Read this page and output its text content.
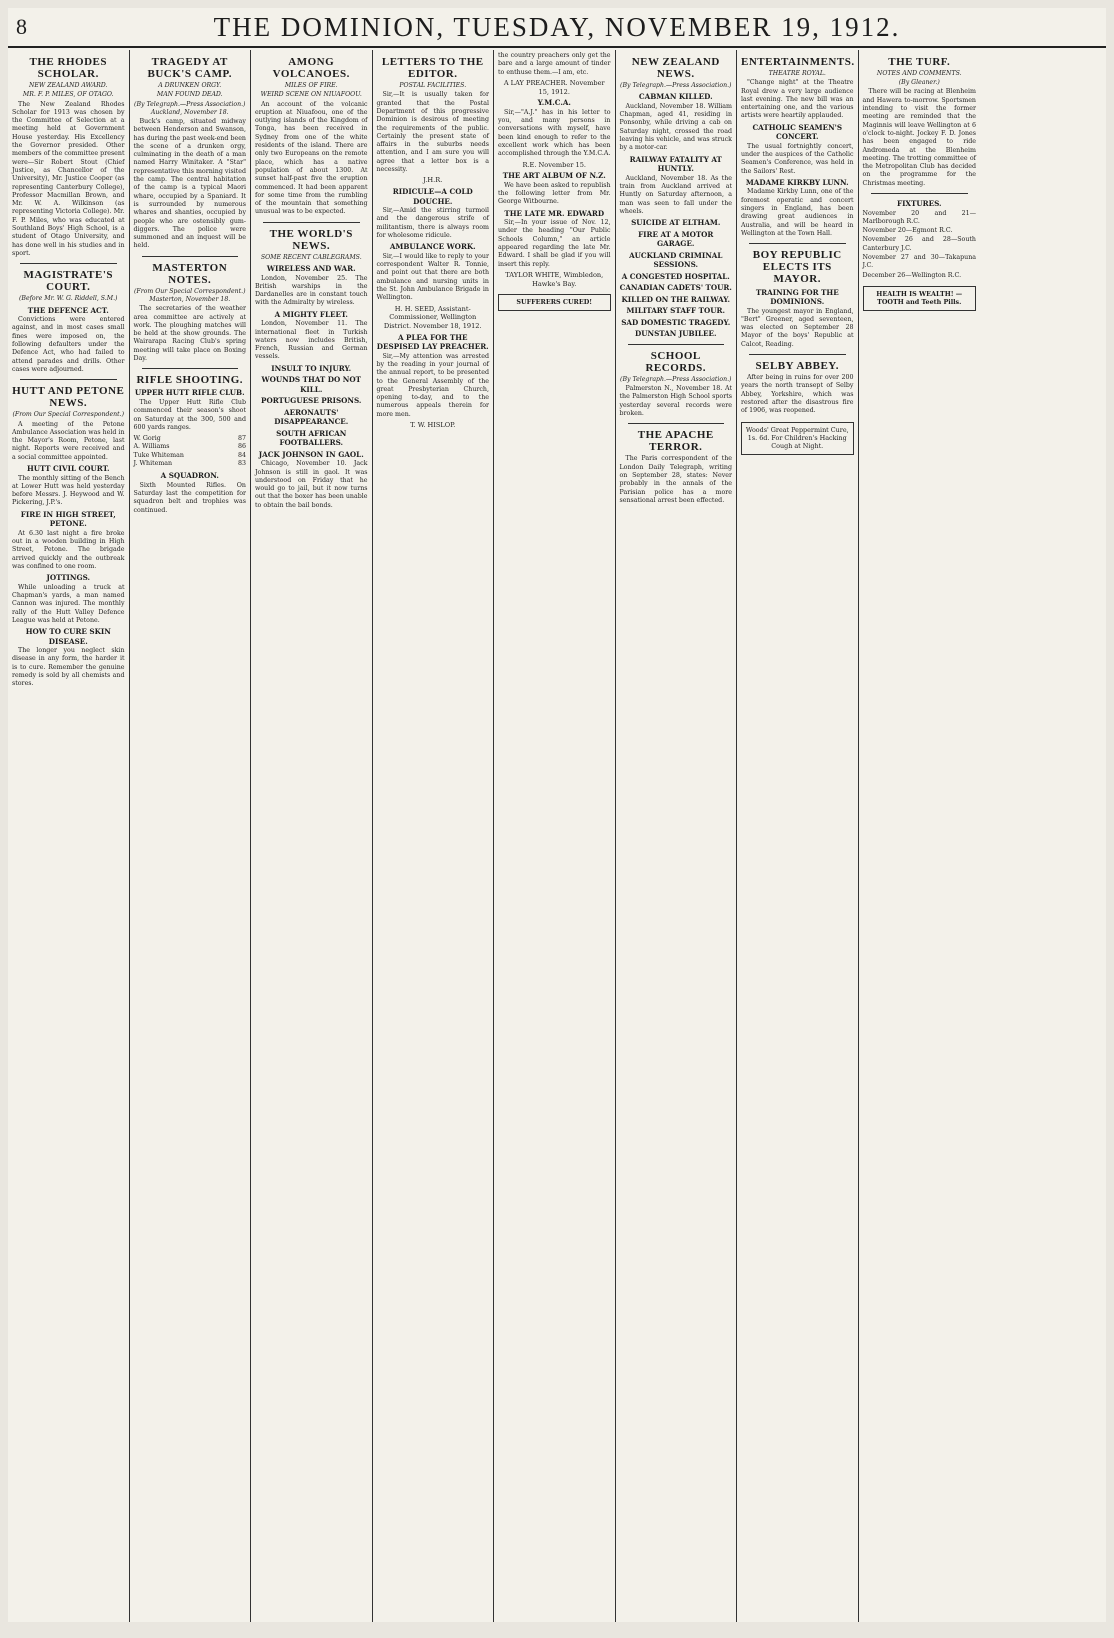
8	THE DOMINION, TUESDAY, NOVEMBER 19, 1912.
THE RHODES SCHOLAR.
NEW ZEALAND AWARD.
MR. F. P. MILES, OF OTAGO.

The New Zealand Rhodes Scholar for 1913 was chosen by the Committee of Selection at a meeting held at Government House yesterday. His Excellency the Governor presided. Other members of the committee present were—Sir Robert Stout (Chief Justice, as Chancellor of the University), Mr. Justice Cooper (as representing Canterbury College), Professor Macmillan Brown, and Mr. W. A. Wilkinson (as representing Victoria College). Mr. F. P. Miles, who was educated at Southland Boys' High School, is a student of Otago University, and has done well in his studies and in sport.

MAGISTRATE'S COURT.
(Before Mr. W. G. Riddell, S.M.)
THE DEFENCE ACT.

Convictions were entered against, and in most cases small fines were imposed on, the following defaulters under the Defence Act, who had failed to attend parades and drills. Other cases were adjourned.

HUTT AND PETONE NEWS.
(From Our Special Correspondent.)

A meeting of the Petone Ambulance Association was held in the Mayor's Room, Petone, last night. Reports were received and a social committee appointed.

HUTT CIVIL COURT.

The monthly sitting of the Bench at Lower Hutt was held yesterday before Messrs. J. Heywood and W. Pickering, J.P.'s.

FIRE IN HIGH STREET, PETONE.

At 6.30 last night a fire broke out in a wooden building in High Street, Petone. The brigade arrived quickly and the outbreak was confined to one room.

JOTTINGS.

While unloading a truck at Chapman's yards, a man named Cannon was injured. The monthly rally of the Hutt Valley Defence League was held at Petone.

HOW TO CURE SKIN DISEASE.

The longer you neglect skin disease in any form, the harder it is to cure. Remember the genuine remedy is sold by all chemists and stores.

TRAGEDY AT BUCK'S CAMP.
A DRUNKEN ORGY.
MAN FOUND DEAD.
(By Telegraph.—Press Association.) Auckland, November 18.

Buck's camp, situated midway between Henderson and Swanson, has during the past week-end been the scene of a drunken orgy, culminating in the death of a man named Harry Winitaker. A "Star" representative this morning visited the camp. The central habitation of the camp is a typical Maori whare, occupied by a Spaniard. It is surrounded by numerous whares and shanties, occupied by people who are ostensibly gum-diggers. The police were summoned and an inquest will be held.

MASTERTON NOTES.
(From Our Special Correspondent.) Masterton, November 18.

The secretaries of the weather area committee are actively at work. The ploughing matches will be held at the show grounds. The Wairarapa Racing Club's spring meeting will take place on Boxing Day.

RIFLE SHOOTING.
UPPER HUTT RIFLE CLUB.

The Upper Hutt Rifle Club commenced their season's shoot on Saturday at the 300, 500 and 600 yards ranges.

W. Gorig	87
A. Williams	86
Tuke Whiteman	84
J. Whiteman	83
A SQUADRON.

Sixth Mounted Rifles. On Saturday last the competition for squadron belt and trophies was continued.

AMONG VOLCANOES.
MILES OF FIRE.
WEIRD SCENE ON NIUAFOOU.

An account of the volcanic eruption at Niuafoou, one of the outlying islands of the Kingdom of Tonga, has been received in Sydney from one of the white residents of the island. There are only two Europeans on the remote place, which has a native population of about 1300. At sunset half-past five the eruption commenced. It had been apparent for some time from the rumbling of the mountain that something unusual was to be expected.

THE WORLD'S NEWS.
SOME RECENT CABLEGRAMS.
WIRELESS AND WAR.

London, November 25. The British warships in the Dardanelles are in constant touch with the Admiralty by wireless.

A MIGHTY FLEET.

London, November 11. The international fleet in Turkish waters now includes British, French, Russian and German vessels.

INSULT TO INJURY.
WOUNDS THAT DO NOT KILL.
PORTUGUESE PRISONS.
AERONAUTS' DISAPPEARANCE.
SOUTH AFRICAN FOOTBALLERS.
JACK JOHNSON IN GAOL.

Chicago, November 10. Jack Johnson is still in gaol. It was understood on Friday that he would go to jail, but it now turns out that the boxer has been unable to obtain the bail bonds.

LETTERS TO THE EDITOR.
POSTAL FACILITIES.

Sir,—It is usually taken for granted that the Postal Department of this progressive Dominion is desirous of meeting the requirements of the public. Certainly the present state of affairs in the suburbs needs attention, and I am sure you will agree that a letter box is a necessity.

J.H.R.
RIDICULE—A COLD DOUCHE.

Sir,—Amid the stirring turmoil and the dangerous strife of militantism, there is always room for wholesome ridicule.

AMBULANCE WORK.

Sir,—I would like to reply to your correspondent Walter R. Tonnie, and point out that there are both ambulance and nursing units in the St. John Ambulance Brigade in Wellington.

H. H. SEED, Assistant-Commissioner, Wellington District. November 18, 1912.
A PLEA FOR THE DESPISED LAY PREACHER.

Sir,—My attention was arrested by the reading in your journal of the annual report, to be presented to the General Assembly of the great Presbyterian Church, opening to-day, and to the numerous appeals therein for more men.

T. W. HISLOP.

the country preachers only get the bare and a large amount of tinder to enthuse them.—I am, etc.

A LAY PREACHER. November 15, 1912.
Y.M.C.A.

Sir,—"A.J." has in his letter to you, and many persons in conversations with myself, have been kind enough to refer to the excellent work which has been accomplished through the Y.M.C.A.

R.E. November 15.
THE ART ALBUM OF N.Z.

We have been asked to republish the following letter from Mr. George Witbourne.

THE LATE MR. EDWARD

Sir,—In your issue of Nov. 12, under the heading "Our Public Schools Column," an article appeared regarding the late Mr. Edward. I shall be glad if you will insert this reply.

TAYLOR WHITE, Wimbledon, Hawke's Bay.
SUFFERERS CURED!
NEW ZEALAND NEWS.
(By Telegraph.—Press Association.)
CABMAN KILLED.

Auckland, November 18. William Chapman, aged 41, residing in Ponsonby, while driving a cab on Saturday night, crossed the road leaving his vehicle, and was struck by a motor-car.

RAILWAY FATALITY AT HUNTLY.

Auckland, November 18. As the train from Auckland arrived at Huntly on Saturday afternoon, a man was seen to fall under the wheels.

SUICIDE AT ELTHAM.
FIRE AT A MOTOR GARAGE.
AUCKLAND CRIMINAL SESSIONS.
A CONGESTED HOSPITAL.
CANADIAN CADETS' TOUR.
KILLED ON THE RAILWAY.
MILITARY STAFF TOUR.
SAD DOMESTIC TRAGEDY.
DUNSTAN JUBILEE.
SCHOOL RECORDS.
(By Telegraph.—Press Association.)

Palmerston N., November 18. At the Palmerston High School sports yesterday several records were broken.

THE APACHE TERROR.

The Paris correspondent of the London Daily Telegraph, writing on September 28, states: Never probably in the annals of the Parisian police has a more sensational arrest been effected.

ENTERTAINMENTS.
THEATRE ROYAL.

"Change night" at the Theatre Royal drew a very large audience last evening. The new bill was an entertaining one, and the various artists were heartily applauded.

CATHOLIC SEAMEN'S CONCERT.

The usual fortnightly concert, under the auspices of the Catholic Seamen's Conference, was held in the Sailors' Rest.

MADAME KIRKBY LUNN.

Madame Kirkby Lunn, one of the foremost operatic and concert singers in England, has been drawing great audiences in Australia, and will be heard in Wellington at the Town Hall.

BOY REPUBLIC ELECTS ITS MAYOR.
TRAINING FOR THE DOMINIONS.

The youngest mayor in England, "Bert" Greener, aged seventeen, was elected on September 28 Mayor of the boys' Republic at Calcot, Reading.

SELBY ABBEY.

After being in ruins for over 200 years the north transept of Selby Abbey, Yorkshire, which was restored after the disastrous fire of 1906, was reopened.

Woods' Great Peppermint Cure, 1s. 6d. For Children's Hacking Cough at Night.
THE TURF.
NOTES AND COMMENTS.
(By Gleaner.)

There will be racing at Blenheim and Hawera to-morrow. Sportsmen intending to visit the former meeting are reminded that the Maginnis will leave Wellington at 6 o'clock to-night. Jockey F. D. Jones has been engaged to ride Andromeda at the Blenheim meeting. The trotting committee of the Metropolitan Club has decided on the programme for the Christmas meeting.

FIXTURES.

November 20 and 21—Marlborough R.C.

November 20—Egmont R.C.

November 26 and 28—South Canterbury J.C.

November 27 and 30—Takapuna J.C.

December 26—Wellington R.C.

HEALTH IS WEALTH! — TOOTH and Teeth Pills.
